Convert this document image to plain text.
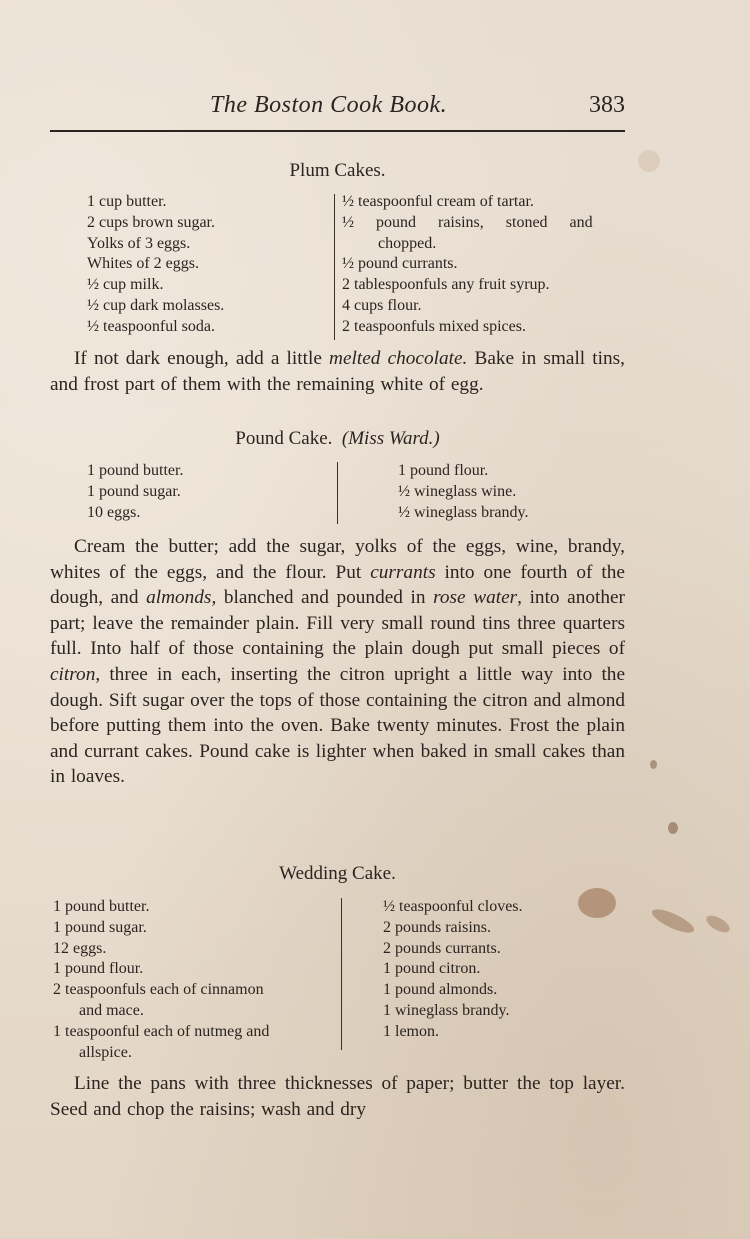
The Boston Cook Book.	383
Plum Cakes.
1 cup butter.
2 cups brown sugar.
Yolks of 3 eggs.
Whites of 2 eggs.
½ cup milk.
½ cup dark molasses.
½ teaspoonful soda.
½ teaspoonful cream of tartar.
½ pound raisins, stoned and
chopped.
½ pound currants.
2 tablespoonfuls any fruit syrup.
4 cups flour.
2 teaspoonfuls mixed spices.
If not dark enough, add a little melted chocolate. Bake in small tins, and frost part of them with the remaining white of egg.
Pound Cake. (Miss Ward.)
1 pound butter.
1 pound sugar.
10 eggs.
1 pound flour.
½ wineglass wine.
½ wineglass brandy.
Cream the butter; add the sugar, yolks of the eggs, wine, brandy, whites of the eggs, and the flour. Put currants into one fourth of the dough, and almonds, blanched and pounded in rose water, into another part; leave the remainder plain. Fill very small round tins three quarters full. Into half of those containing the plain dough put small pieces of citron, three in each, inserting the citron upright a little way into the dough. Sift sugar over the tops of those containing the citron and almond before putting them into the oven. Bake twenty minutes. Frost the plain and currant cakes. Pound cake is lighter when baked in small cakes than in loaves.
Wedding Cake.
1 pound butter.
1 pound sugar.
12 eggs.
1 pound flour.
2 teaspoonfuls each of cinnamon
and mace.
1 teaspoonful each of nutmeg and
allspice.
½ teaspoonful cloves.
2 pounds raisins.
2 pounds currants.
1 pound citron.
1 pound almonds.
1 wineglass brandy.
1 lemon.
Line the pans with three thicknesses of paper; butter the top layer. Seed and chop the raisins; wash and dry
